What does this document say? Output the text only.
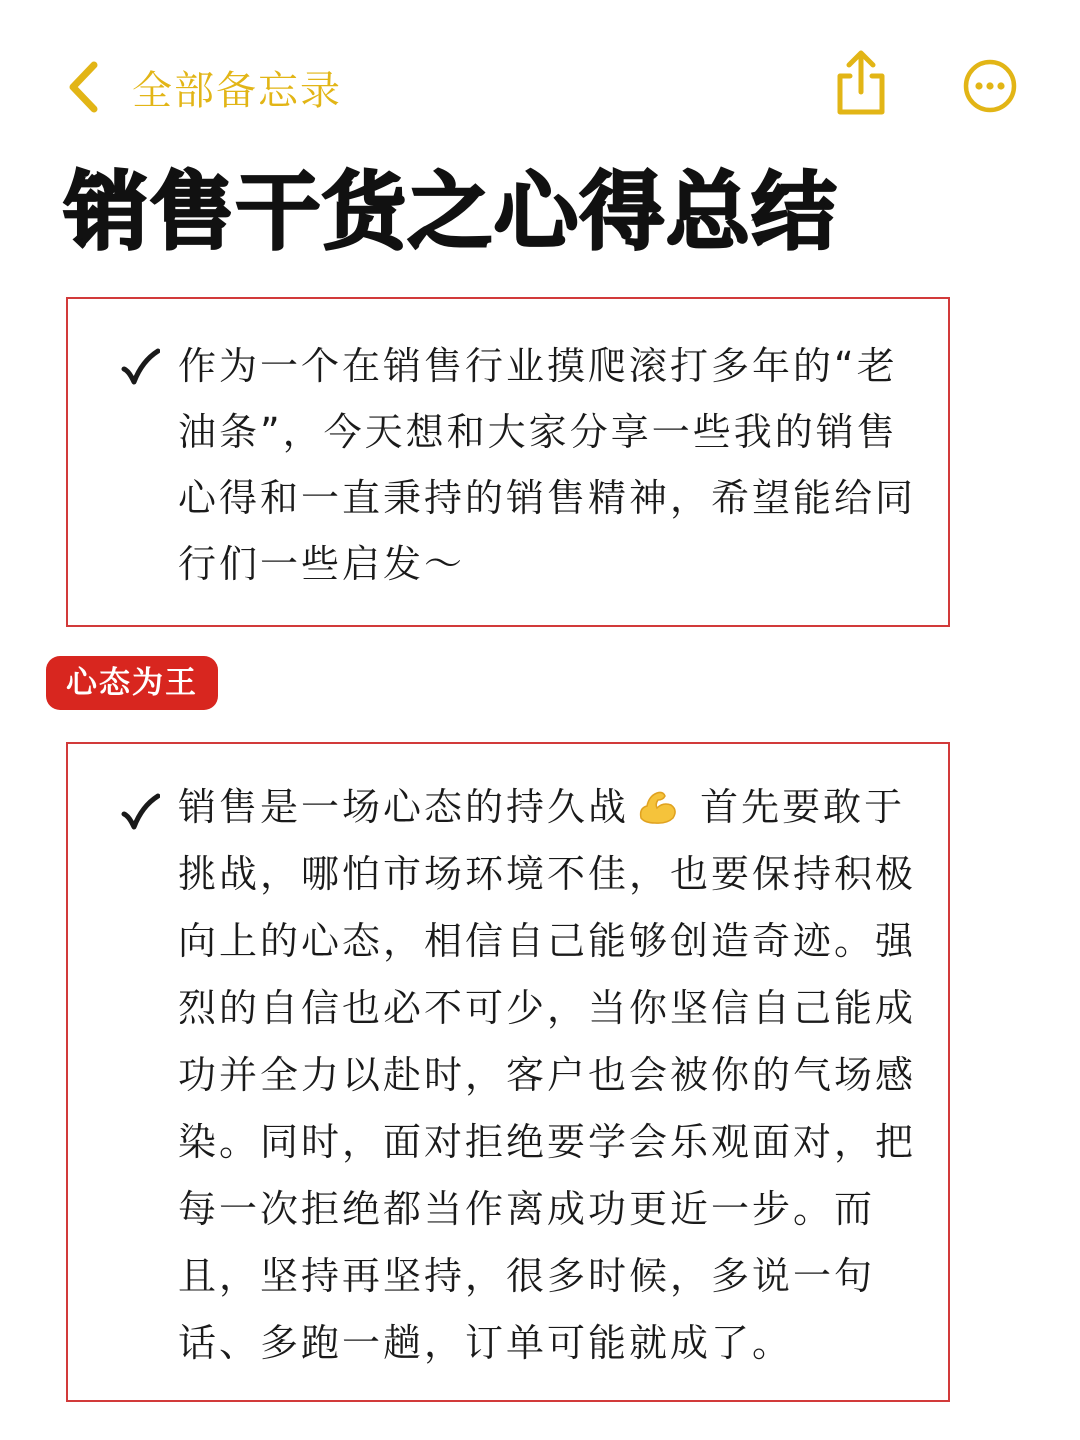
全部备忘录
销售干货之心得总结

作为一个在销售行业摸爬滚打多年的“老油条”，今天想和大家分享一些我的销售心得和一直秉持的销售精神，希望能给同行们一些启发～

心态为王

销售是一场心态的持久战 首先要敢于挑战，哪怕市场环境不佳，也要保持积极向上的心态，相信自己能够创造奇迹。强烈的自信也必不可少，当你坚信自己能成功并全力以赴时，客户也会被你的气场感染。同时，面对拒绝要学会乐观面对，把每一次拒绝都当作离成功更近一步。而且，坚持再坚持，很多时候，多说一句话、多跑一趟，订单可能就成了。
